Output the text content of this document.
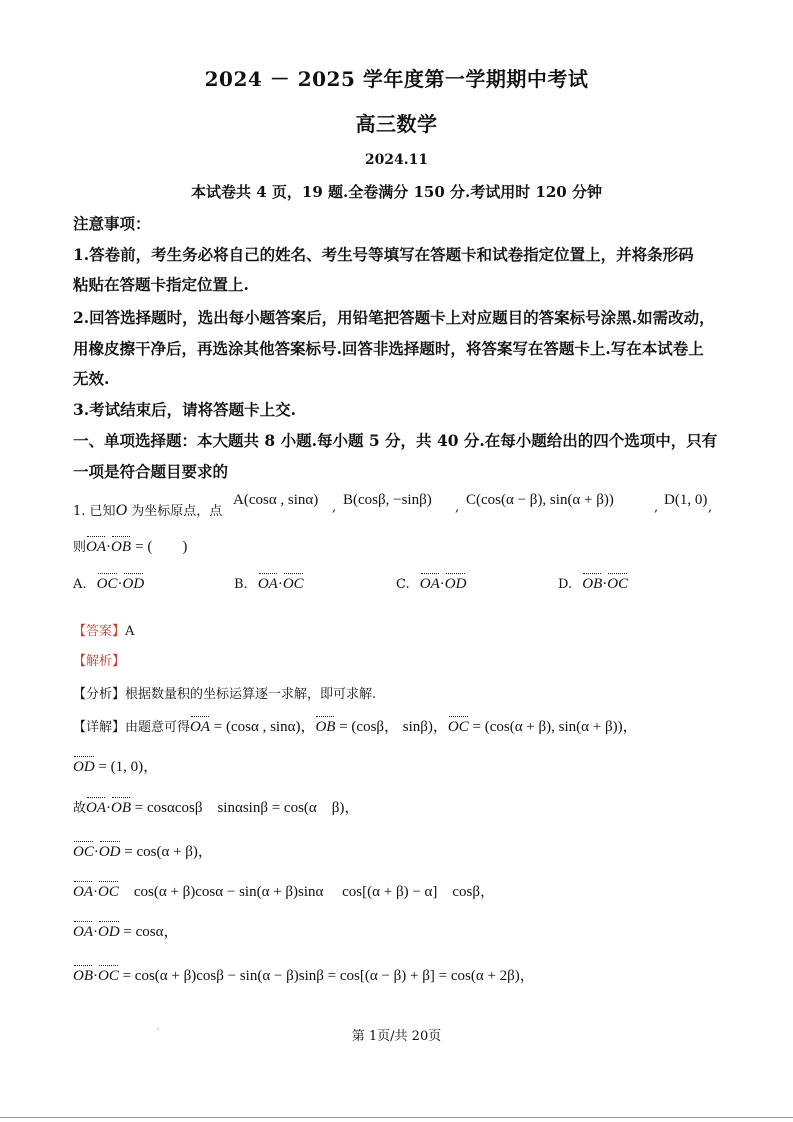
2024 － 2025 学年度第一学期期中考试
高三数学
2024.11
本试卷共 4 页，19 题.全卷满分 150 分.考试用时 120 分钟
注意事项：
1.答卷前，考生务必将自己的姓名、考生号等填写在答题卡和试卷指定位置上，并将条形码
粘贴在答题卡指定位置上.
2.回答选择题时，选出每小题答案后，用铅笔把答题卡上对应题目的答案标号涂黑.如需改动，
用橡皮擦干净后，再选涂其他答案标号.回答非选择题时，将答案写在答题卡上.写在本试卷上
无效.
3.考试结束后，请将答题卡上交.
一、单项选择题：本大题共 8 小题.每小题 5 分，共 40 分.在每小题给出的四个选项中，只有
一项是符合题目要求的
1. 已知O 为坐标原点，点
A(cosα , sinα) , B(cosβ, −sinβ) , C(cos(α − β), sin(α + β))	, D(1, 0) ,
则OA·OB = (　　)
A. OC·OD	B. OA·OC	C. OA·OD	D. OB·OC
【答案】A
【解析】
【分析】根据数量积的坐标运算逐一求解，即可求解.
【详解】由题意可得OA = (cosα , sinα)，OB = (cosβ， sinβ)，OC = (cos(α + β), sin(α + β))，
OD = (1, 0)，
故OA·OB = cosαcosβ　sinαsinβ = cos(α　β)，
OC·OD = cos(α + β)，
OA·OC　cos(α + β)cosα − sin(α + β)sinα　 cos[(α + β) − α]　cosβ，
OA·OD = cosα，
OB·OC = cos(α + β)cosβ − sin(α − β)sinβ = cos[(α − β) + β] = cos(α + 2β)，
第 1页/共 20页
